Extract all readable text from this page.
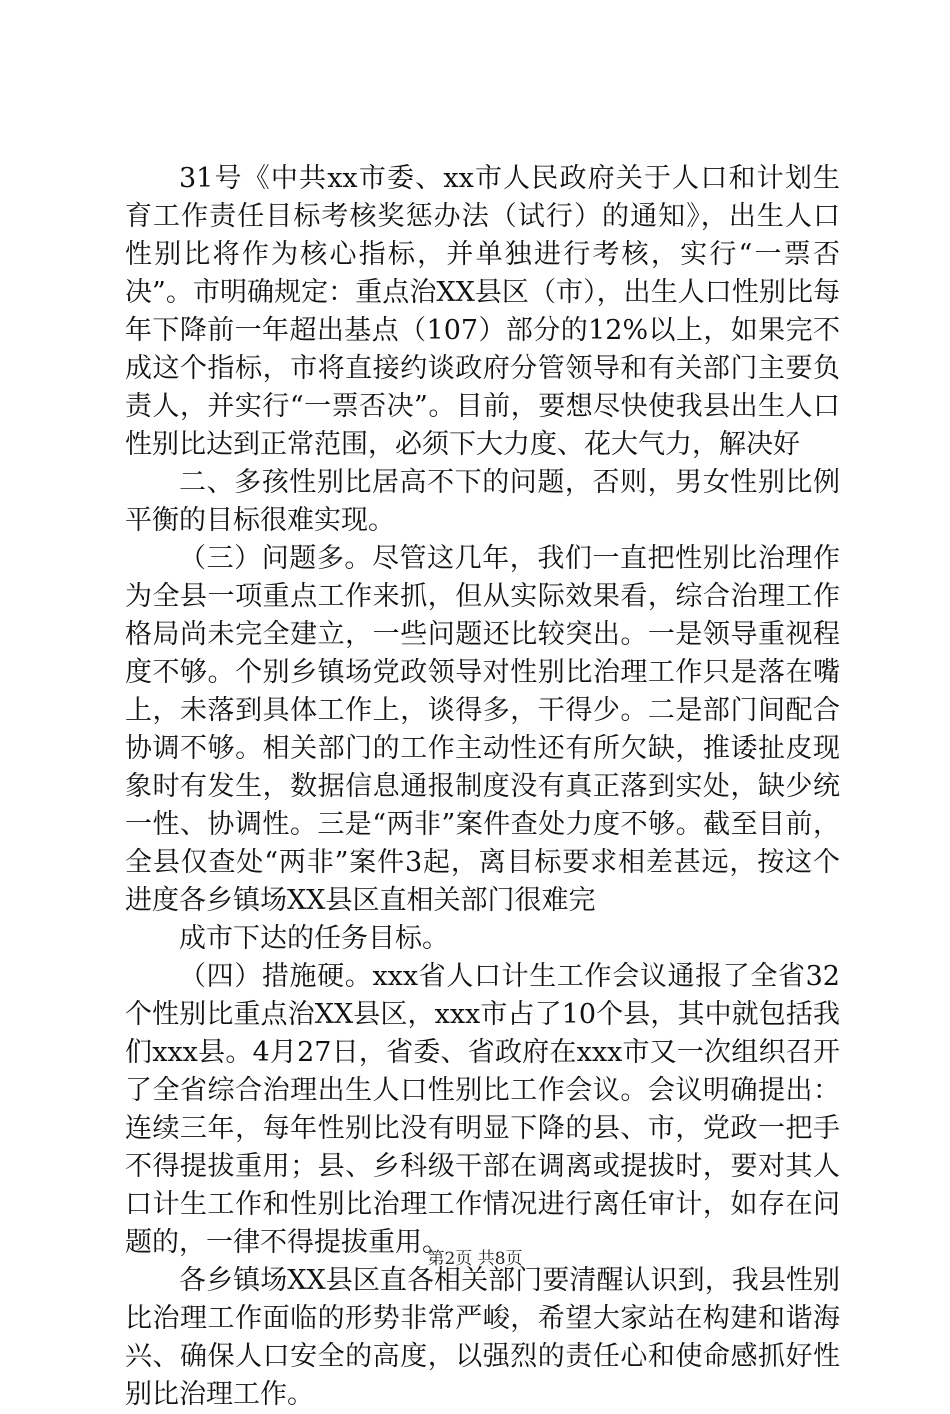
31号《中共xx市委、xx市人民政府关于人口和计划生育工作责任目标考核奖惩办法（试行）的通知》，出生人口性别比将作为核心指标，并单独进行考核，实行“一票否决”。市明确规定：重点治XX县区（市），出生人口性别比每年下降前一年超出基点（107）部分的12%以上，如果完不成这个指标，市将直接约谈政府分管领导和有关部门主要负责人，并实行“一票否决”。目前，要想尽快使我县出生人口性别比达到正常范围，必须下大力度、花大气力，解决好

二、多孩性别比居高不下的问题，否则，男女性别比例平衡的目标很难实现。

（三）问题多。尽管这几年，我们一直把性别比治理作为全县一项重点工作来抓，但从实际效果看，综合治理工作格局尚未完全建立，一些问题还比较突出。一是领导重视程度不够。个别乡镇场党政领导对性别比治理工作只是落在嘴上，未落到具体工作上，谈得多，干得少。二是部门间配合协调不够。相关部门的工作主动性还有所欠缺，推诿扯皮现象时有发生，数据信息通报制度没有真正落到实处，缺少统一性、协调性。三是“两非”案件查处力度不够。截至目前，全县仅查处“两非”案件3起，离目标要求相差甚远，按这个进度各乡镇场XX县区直相关部门很难完

成市下达的任务目标。

（四）措施硬。xxx省人口计生工作会议通报了全省32个性别比重点治XX县区，xxx市占了10个县，其中就包括我们xxx县。4月27日，省委、省政府在xxx市又一次组织召开了全省综合治理出生人口性别比工作会议。会议明确提出：连续三年，每年性别比没有明显下降的县、市，党政一把手不得提拔重用；县、乡科级干部在调离或提拔时，要对其人口计生工作和性别比治理工作情况进行离任审计，如存在问题的，一律不得提拔重用。

各乡镇场XX县区直各相关部门要清醒认识到，我县性别比治理工作面临的形势非常严峻，希望大家站在构建和谐海兴、确保人口安全的高度，以强烈的责任心和使命感抓好性别比治理工作。

第2页 共8页
